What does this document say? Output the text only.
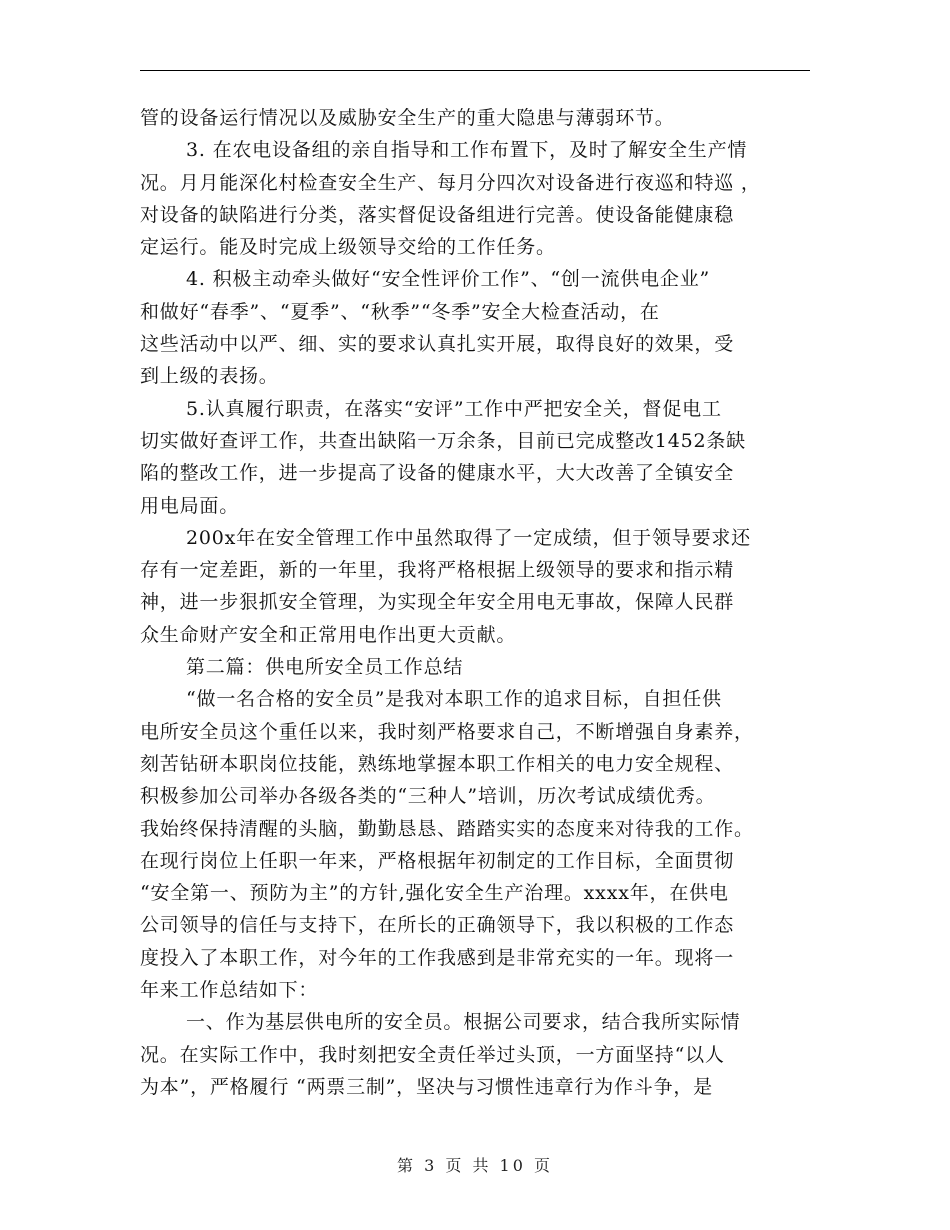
管的设备运行情况以及威胁安全生产的重大隐患与薄弱环节。
3. 在农电设备组的亲自指导和工作布置下，及时了解安全生产情
况。月月能深化村检查安全生产、每月分四次对设备进行夜巡和特巡 ，
对设备的缺陷进行分类，落实督促设备组进行完善。使设备能健康稳
定运行。能及时完成上级领导交给的工作任务。
4. 积极主动牵头做好“安全性评价工作”、“创一流供电企业”
和做好“春季”、“夏季”、“秋季”“冬季”安全大检查活动，在
这些活动中以严、细、实的要求认真扎实开展，取得良好的效果，受
到上级的表扬。
5.认真履行职责，在落实“安评”工作中严把安全关，督促电工
切实做好查评工作，共查出缺陷一万余条，目前已完成整改1452条缺
陷的整改工作，进一步提高了设备的健康水平，大大改善了全镇安全
用电局面。
200x年在安全管理工作中虽然取得了一定成绩，但于领导要求还
存有一定差距，新的一年里，我将严格根据上级领导的要求和指示精
神，进一步狠抓安全管理，为实现全年安全用电无事故，保障人民群
众生命财产安全和正常用电作出更大贡献。
第二篇：供电所安全员工作总结
“做一名合格的安全员”是我对本职工作的追求目标，自担任供
电所安全员这个重任以来，我时刻严格要求自己，不断增强自身素养，
刻苦钻研本职岗位技能，熟练地掌握本职工作相关的电力安全规程、
积极参加公司举办各级各类的“三种人”培训，历次考试成绩优秀。
我始终保持清醒的头脑，勤勤恳恳、踏踏实实的态度来对待我的工作。
在现行岗位上任职一年来，严格根据年初制定的工作目标，全面贯彻
“安全第一、预防为主”的方针,强化安全生产治理。xxxx年，在供电
公司领导的信任与支持下，在所长的正确领导下，我以积极的工作态
度投入了本职工作，对今年的工作我感到是非常充实的一年。现将一
年来工作总结如下：
一、作为基层供电所的安全员。根据公司要求，结合我所实际情
况。在实际工作中，我时刻把安全责任举过头顶，一方面坚持“以人
为本”，严格履行 “两票三制”，坚决与习惯性违章行为作斗争，是
第 3 页 共 10 页
